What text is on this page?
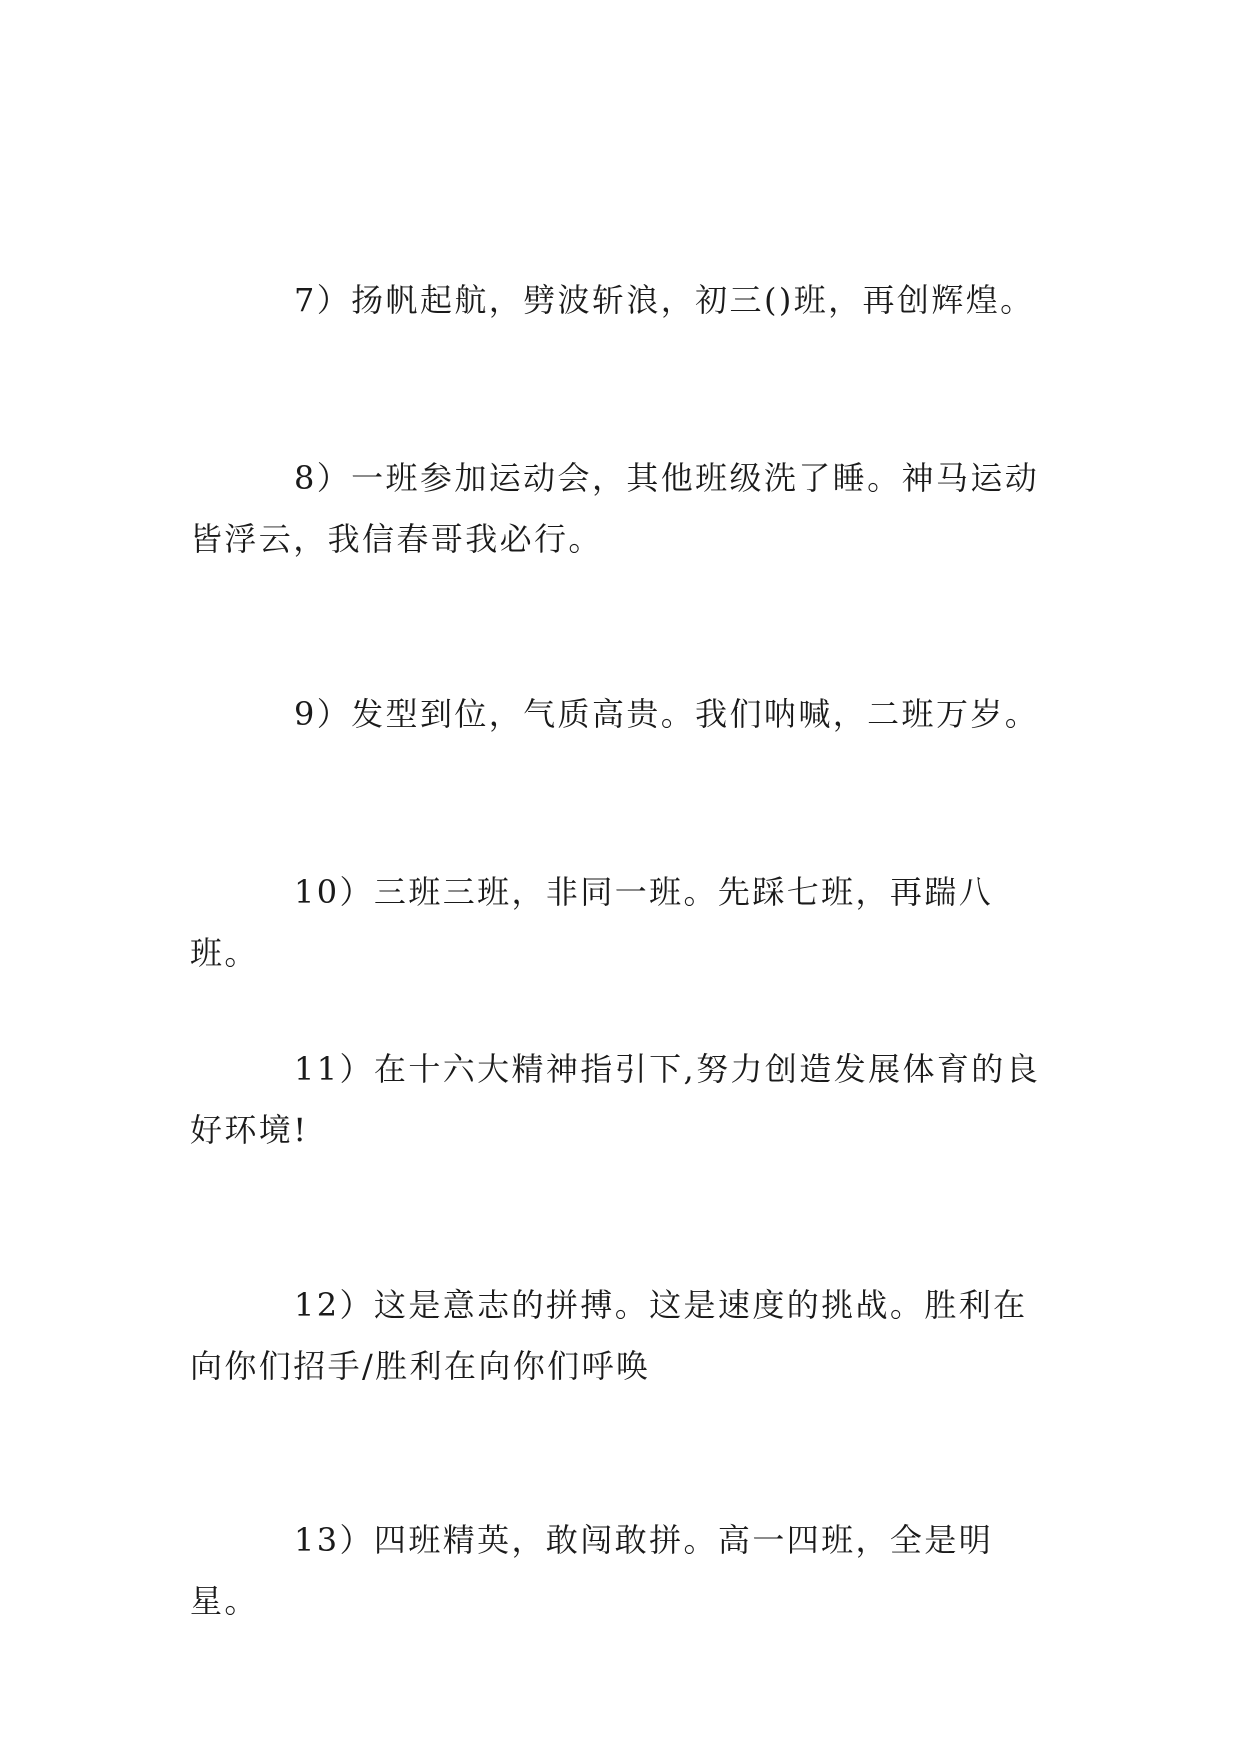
7）扬帆起航，劈波斩浪，初三()班，再创辉煌。

8）一班参加运动会，其他班级洗了睡。神马运动皆浮云，我信春哥我必行。

9）发型到位，气质高贵。我们呐喊，二班万岁。

10）三班三班，非同一班。先踩七班，再踹八班。

11）在十六大精神指引下,努力创造发展体育的良好环境!

12）这是意志的拼搏。这是速度的挑战。胜利在向你们招手/胜利在向你们呼唤

13）四班精英，敢闯敢拼。高一四班，全是明星。
